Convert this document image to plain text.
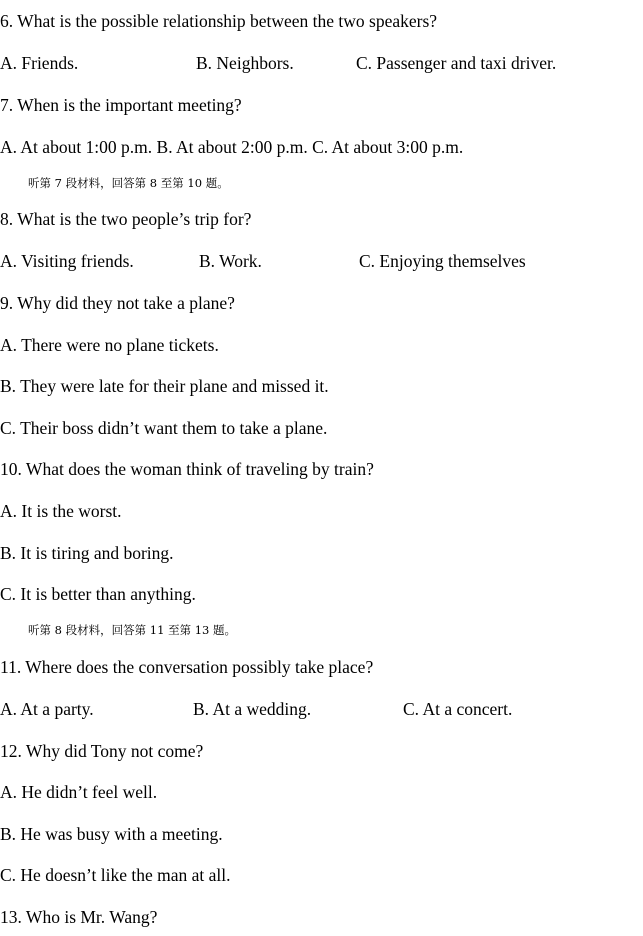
6. What is the possible relationship between the two speakers?

A. Friends.	B. Neighbors.	C. Passenger and taxi driver.

7. When is the important meeting?

A. At about 1:00 p.m. B. At about 2:00 p.m. C. At about 3:00 p.m.

听第 7 段材料，回答第 8 至第 10 题。

8. What is the two people’s trip for?

A. Visiting friends.	B. Work.	C. Enjoying themselves

9. Why did they not take a plane?

A. There were no plane tickets.

B. They were late for their plane and missed it.

C. Their boss didn’t want them to take a plane.

10. What does the woman think of traveling by train?

A. It is the worst.

B. It is tiring and boring.

C. It is better than anything.

听第 8 段材料，回答第 11 至第 13 题。

11. Where does the conversation possibly take place?

A. At a party.	B. At a wedding.	C. At a concert.

12. Why did Tony not come?

A. He didn’t feel well.

B. He was busy with a meeting.

C. He doesn’t like the man at all.

13. Who is Mr. Wang?
